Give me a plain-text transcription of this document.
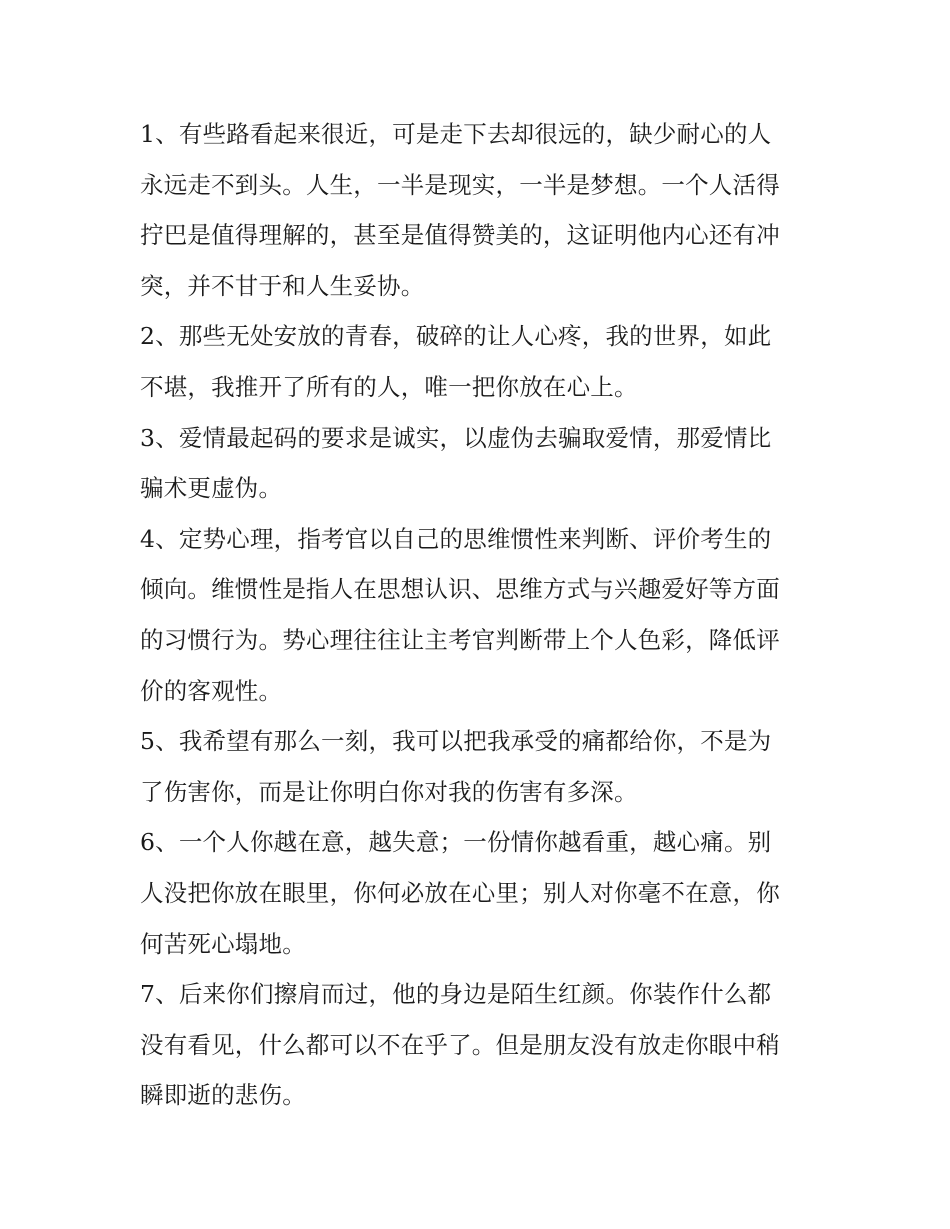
1、有些路看起来很近，可是走下去却很远的，缺少耐心的人
永远走不到头。人生，一半是现实，一半是梦想。一个人活得
拧巴是值得理解的，甚至是值得赞美的，这证明他内心还有冲
突，并不甘于和人生妥协。
2、那些无处安放的青春，破碎的让人心疼，我的世界，如此
不堪，我推开了所有的人，唯一把你放在心上。
3、爱情最起码的要求是诚实，以虚伪去骗取爱情，那爱情比
骗术更虚伪。
4、定势心理，指考官以自己的思维惯性来判断、评价考生的
倾向。维惯性是指人在思想认识、思维方式与兴趣爱好等方面
的习惯行为。势心理往往让主考官判断带上个人色彩，降低评
价的客观性。
5、我希望有那么一刻，我可以把我承受的痛都给你，不是为
了伤害你，而是让你明白你对我的伤害有多深。
6、一个人你越在意，越失意；一份情你越看重，越心痛。别
人没把你放在眼里，你何必放在心里；别人对你毫不在意，你
何苦死心塌地。
7、后来你们擦肩而过，他的身边是陌生红颜。你装作什么都
没有看见，什么都可以不在乎了。但是朋友没有放走你眼中稍
瞬即逝的悲伤。
